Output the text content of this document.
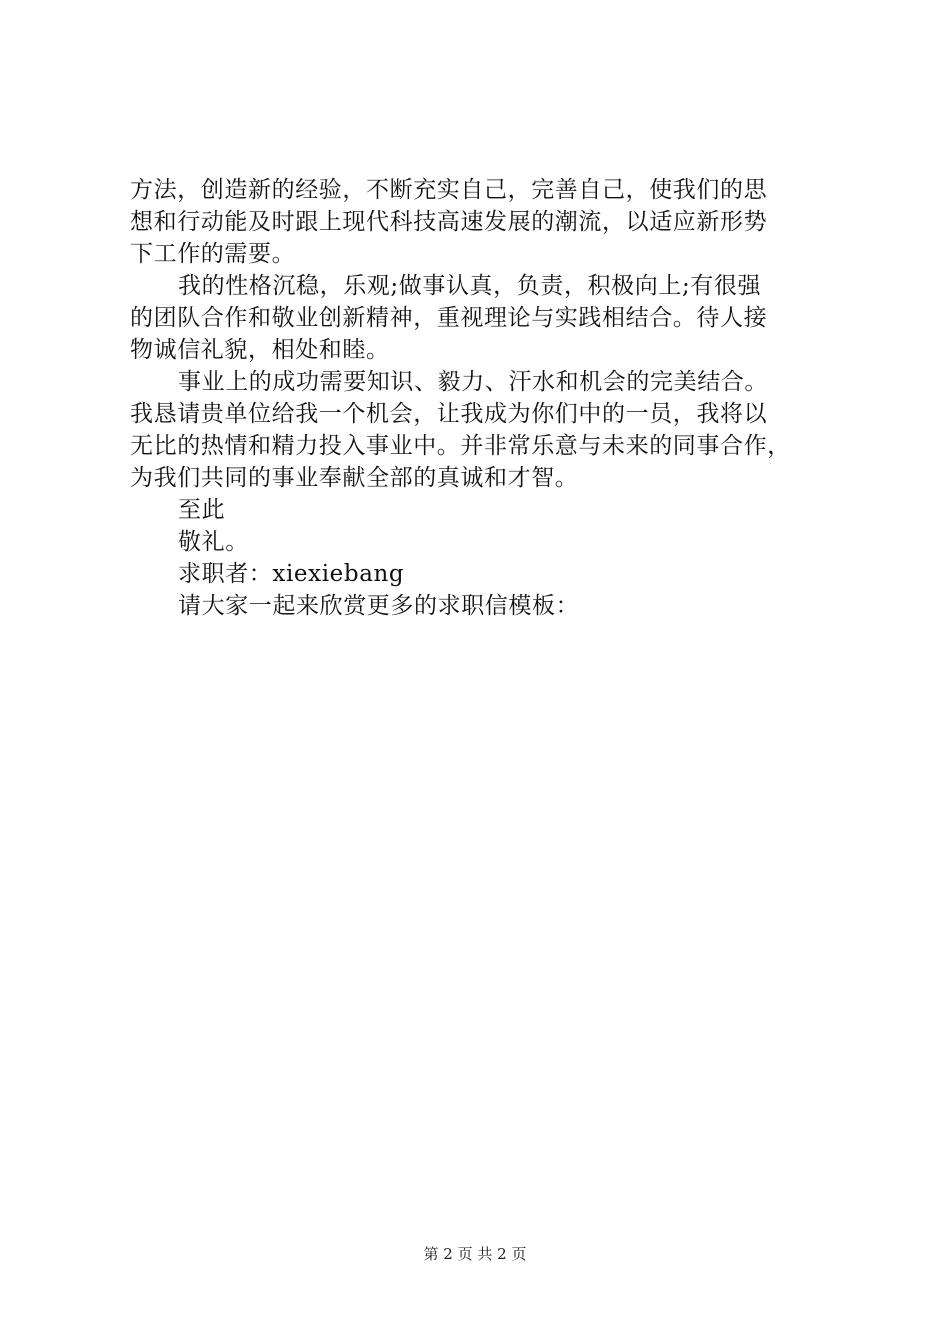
方法，创造新的经验，不断充实自己，完善自己，使我们的思
想和行动能及时跟上现代科技高速发展的潮流，以适应新形势
下工作的需要。
我的性格沉稳，乐观;做事认真，负责，积极向上;有很强
的团队合作和敬业创新精神，重视理论与实践相结合。待人接
物诚信礼貌，相处和睦。
事业上的成功需要知识、毅力、汗水和机会的完美结合。
我恳请贵单位给我一个机会，让我成为你们中的一员，我将以
无比的热情和精力投入事业中。并非常乐意与未来的同事合作，
为我们共同的事业奉献全部的真诚和才智。
至此
敬礼。
求职者：xiexiebang
请大家一起来欣赏更多的求职信模板：
第 2 页 共 2 页
